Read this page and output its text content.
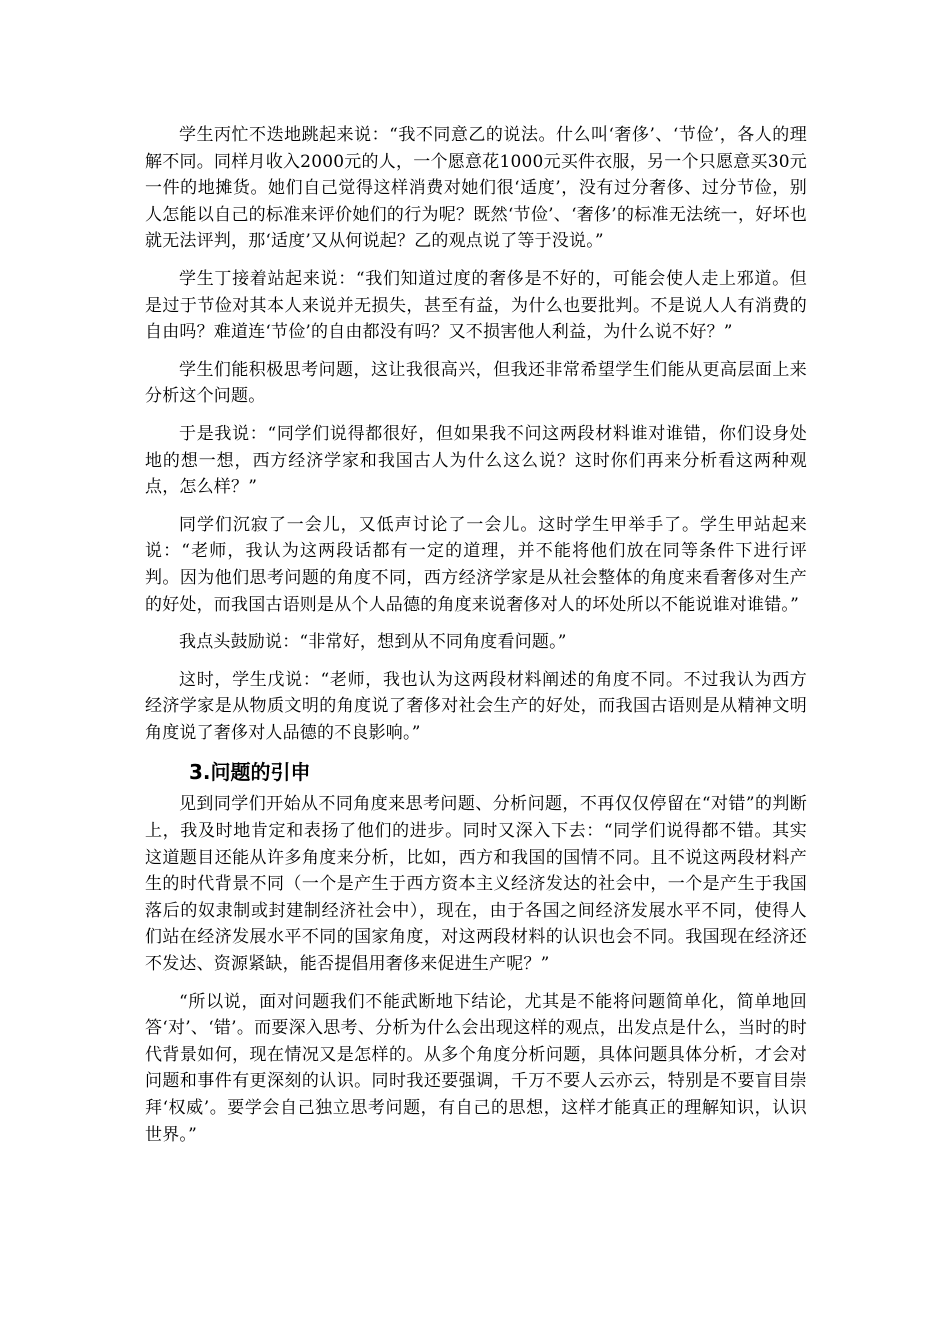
学生丙忙不迭地跳起来说：“我不同意乙的说法。什么叫‘奢侈’、‘节俭’，各人的理解不同。同样月收入2000元的人，一个愿意花1000元买件衣服，另一个只愿意买30元一件的地摊货。她们自己觉得这样消费对她们很‘适度’，没有过分奢侈、过分节俭，别人怎能以自己的标准来评价她们的行为呢？既然‘节俭’、‘奢侈’的标准无法统一，好坏也就无法评判，那‘适度’又从何说起？乙的观点说了等于没说。”

学生丁接着站起来说：“我们知道过度的奢侈是不好的，可能会使人走上邪道。但是过于节俭对其本人来说并无损失，甚至有益，为什么也要批判。不是说人人有消费的自由吗？难道连‘节俭’的自由都没有吗？又不损害他人利益，为什么说不好？”

学生们能积极思考问题，这让我很高兴，但我还非常希望学生们能从更高层面上来分析这个问题。

于是我说：“同学们说得都很好，但如果我不问这两段材料谁对谁错，你们设身处地的想一想，西方经济学家和我国古人为什么这么说？这时你们再来分析看这两种观点，怎么样？”

同学们沉寂了一会儿，又低声讨论了一会儿。这时学生甲举手了。学生甲站起来说：“老师，我认为这两段话都有一定的道理，并不能将他们放在同等条件下进行评判。因为他们思考问题的角度不同，西方经济学家是从社会整体的角度来看奢侈对生产的好处，而我国古语则是从个人品德的角度来说奢侈对人的坏处所以不能说谁对谁错。”

我点头鼓励说：“非常好，想到从不同角度看问题。”

这时，学生戊说：“老师，我也认为这两段材料阐述的角度不同。不过我认为西方经济学家是从物质文明的角度说了奢侈对社会生产的好处，而我国古语则是从精神文明角度说了奢侈对人品德的不良影响。”

3.问题的引申

见到同学们开始从不同角度来思考问题、分析问题，不再仅仅停留在“对错”的判断上，我及时地肯定和表扬了他们的进步。同时又深入下去：“同学们说得都不错。其实这道题目还能从许多角度来分析，比如，西方和我国的国情不同。且不说这两段材料产生的时代背景不同（一个是产生于西方资本主义经济发达的社会中，一个是产生于我国落后的奴隶制或封建制经济社会中），现在，由于各国之间经济发展水平不同，使得人们站在经济发展水平不同的国家角度，对这两段材料的认识也会不同。我国现在经济还不发达、资源紧缺，能否提倡用奢侈来促进生产呢？”

“所以说，面对问题我们不能武断地下结论，尤其是不能将问题简单化，简单地回答‘对’、‘错’。而要深入思考、分析为什么会出现这样的观点，出发点是什么，当时的时代背景如何，现在情况又是怎样的。从多个角度分析问题，具体问题具体分析，才会对问题和事件有更深刻的认识。同时我还要强调，千万不要人云亦云，特别是不要盲目崇拜‘权威’。要学会自己独立思考问题，有自己的思想，这样才能真正的理解知识，认识世界。”
